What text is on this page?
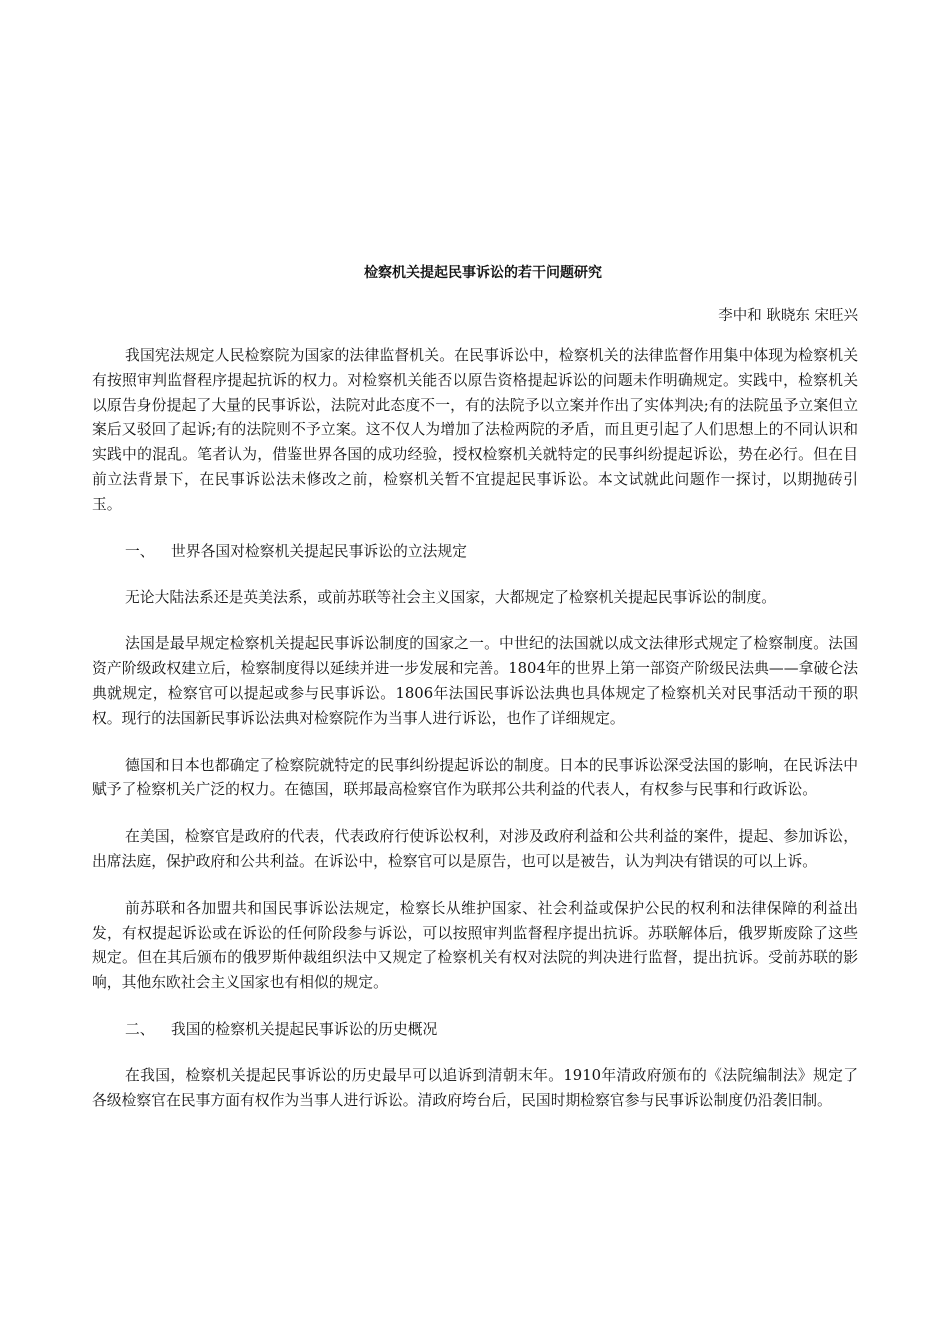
检察机关提起民事诉讼的若干问题研究
李中和 耿晓东 宋旺兴

我国宪法规定人民检察院为国家的法律监督机关。在民事诉讼中，检察机关的法律监督作用集中体现为检察机关有按照审判监督程序提起抗诉的权力。对检察机关能否以原告资格提起诉讼的问题未作明确规定。实践中，检察机关以原告身份提起了大量的民事诉讼，法院对此态度不一，有的法院予以立案并作出了实体判决;有的法院虽予立案但立案后又驳回了起诉;有的法院则不予立案。这不仅人为增加了法检两院的矛盾，而且更引起了人们思想上的不同认识和实践中的混乱。笔者认为，借鉴世界各国的成功经验，授权检察机关就特定的民事纠纷提起诉讼，势在必行。但在目前立法背景下，在民事诉讼法未修改之前，检察机关暂不宜提起民事诉讼。本文试就此问题作一探讨，以期抛砖引玉。

一、 世界各国对检察机关提起民事诉讼的立法规定

无论大陆法系还是英美法系，或前苏联等社会主义国家，大都规定了检察机关提起民事诉讼的制度。

法国是最早规定检察机关提起民事诉讼制度的国家之一。中世纪的法国就以成文法律形式规定了检察制度。法国资产阶级政权建立后，检察制度得以延续并进一步发展和完善。1804年的世界上第一部资产阶级民法典——拿破仑法典就规定，检察官可以提起或参与民事诉讼。1806年法国民事诉讼法典也具体规定了检察机关对民事活动干预的职权。现行的法国新民事诉讼法典对检察院作为当事人进行诉讼，也作了详细规定。

德国和日本也都确定了检察院就特定的民事纠纷提起诉讼的制度。日本的民事诉讼深受法国的影响，在民诉法中赋予了检察机关广泛的权力。在德国，联邦最高检察官作为联邦公共利益的代表人，有权参与民事和行政诉讼。

在美国，检察官是政府的代表，代表政府行使诉讼权利，对涉及政府利益和公共利益的案件，提起、参加诉讼，出席法庭，保护政府和公共利益。在诉讼中，检察官可以是原告，也可以是被告，认为判决有错误的可以上诉。

前苏联和各加盟共和国民事诉讼法规定，检察长从维护国家、社会利益或保护公民的权利和法律保障的利益出发，有权提起诉讼或在诉讼的任何阶段参与诉讼，可以按照审判监督程序提出抗诉。苏联解体后，俄罗斯废除了这些规定。但在其后颁布的俄罗斯仲裁组织法中又规定了检察机关有权对法院的判决进行监督，提出抗诉。受前苏联的影响，其他东欧社会主义国家也有相似的规定。

二、 我国的检察机关提起民事诉讼的历史概况

在我国，检察机关提起民事诉讼的历史最早可以追诉到清朝末年。1910年清政府颁布的《法院编制法》规定了各级检察官在民事方面有权作为当事人进行诉讼。清政府垮台后，民国时期检察官参与民事诉讼制度仍沿袭旧制。
